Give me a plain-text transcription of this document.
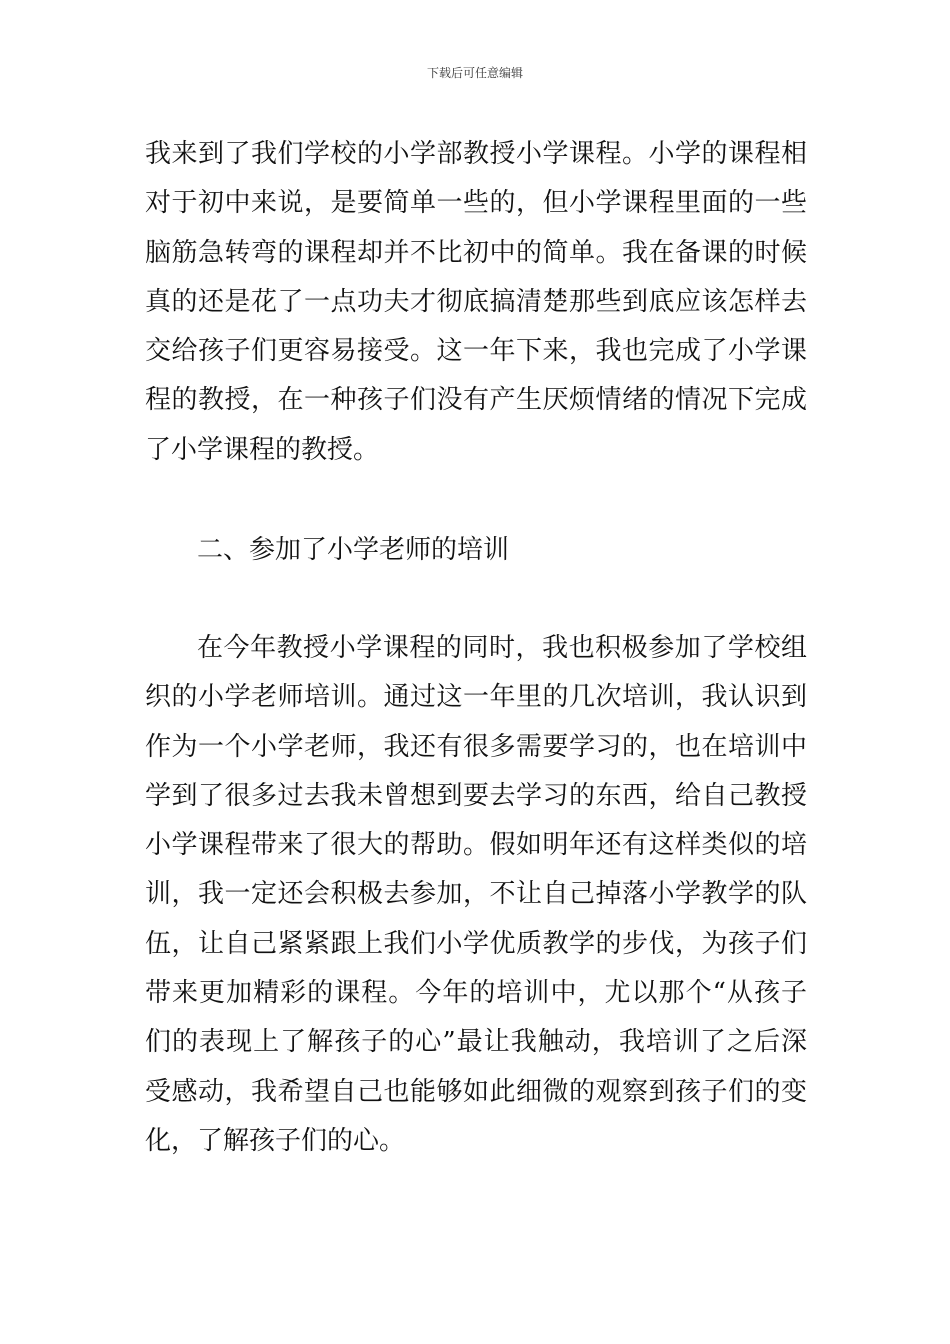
下载后可任意编辑

我来到了我们学校的小学部教授小学课程。小学的课程相对于初中来说，是要简单一些的，但小学课程里面的一些脑筋急转弯的课程却并不比初中的简单。我在备课的时候真的还是花了一点功夫才彻底搞清楚那些到底应该怎样去交给孩子们更容易接受。这一年下来，我也完成了小学课程的教授，在一种孩子们没有产生厌烦情绪的情况下完成了小学课程的教授。

二、参加了小学老师的培训

在今年教授小学课程的同时，我也积极参加了学校组织的小学老师培训。通过这一年里的几次培训，我认识到作为一个小学老师，我还有很多需要学习的，也在培训中学到了很多过去我未曾想到要去学习的东西，给自己教授小学课程带来了很大的帮助。假如明年还有这样类似的培训，我一定还会积极去参加，不让自己掉落小学教学的队伍，让自己紧紧跟上我们小学优质教学的步伐，为孩子们带来更加精彩的课程。今年的培训中，尤以那个“从孩子们的表现上了解孩子的心”最让我触动，我培训了之后深受感动，我希望自己也能够如此细微的观察到孩子们的变化，了解孩子们的心。
